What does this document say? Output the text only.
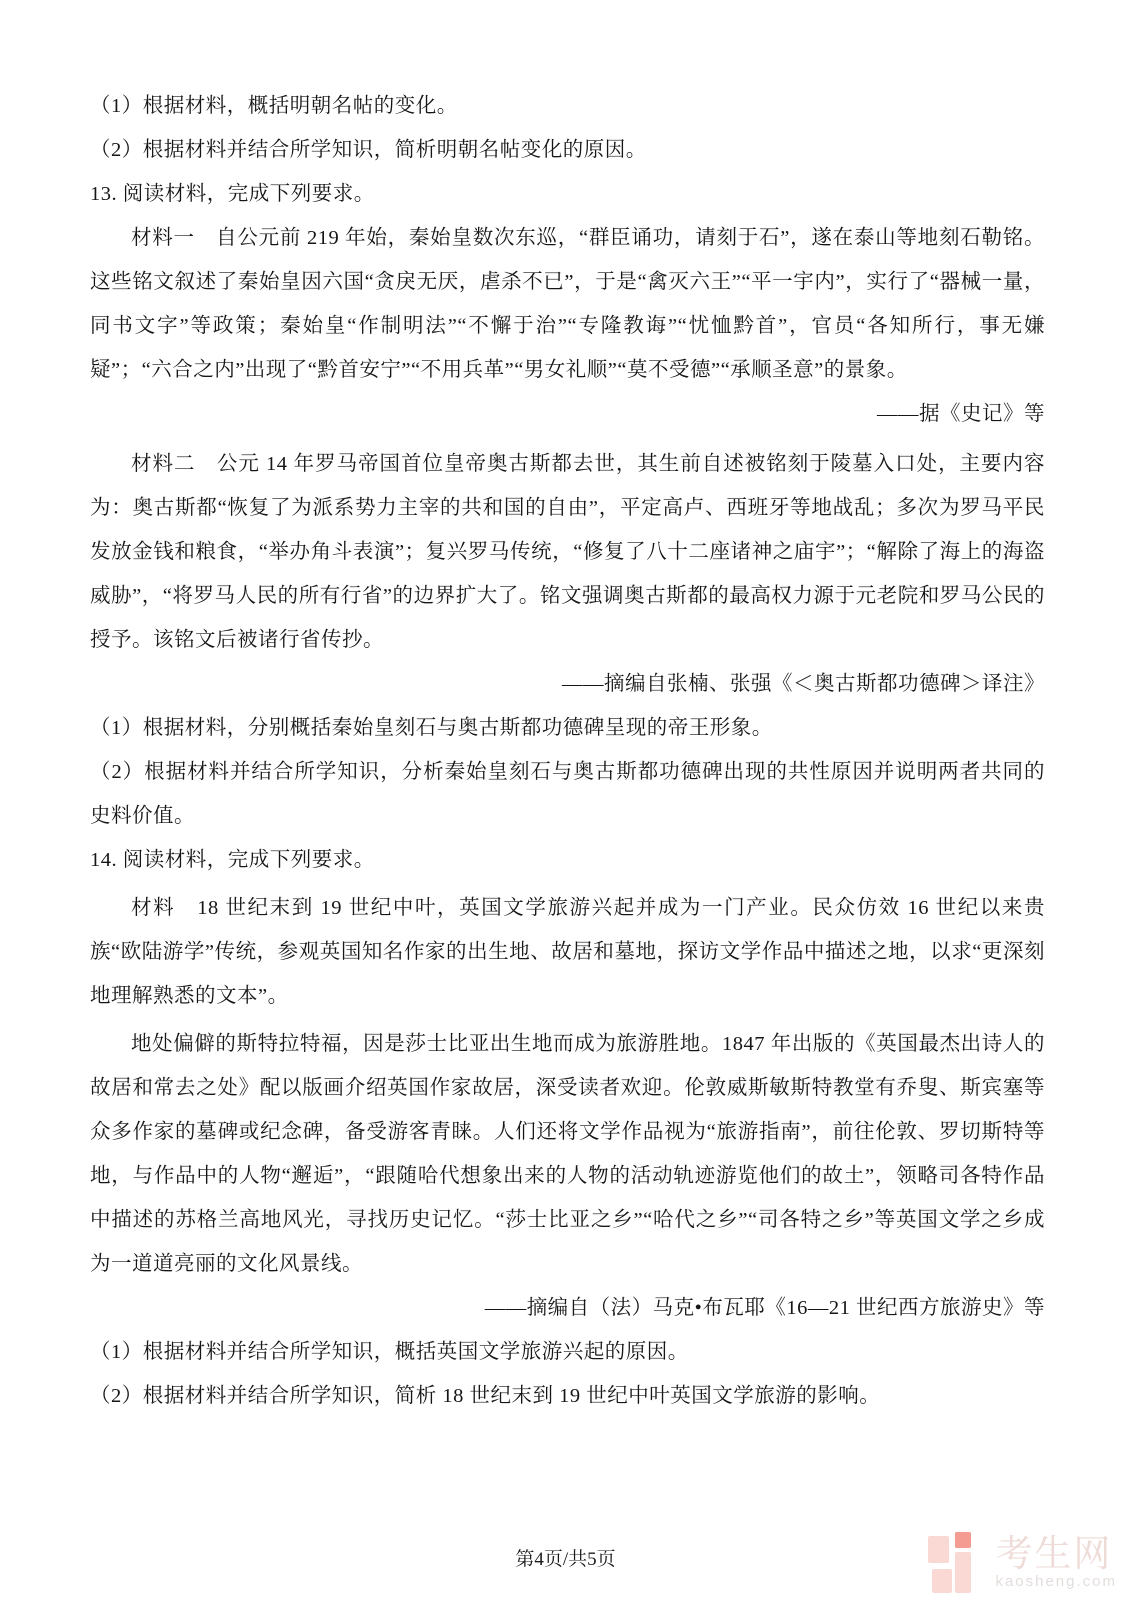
（1）根据材料，概括明朝名帖的变化。

（2）根据材料并结合所学知识，简析明朝名帖变化的原因。

13. 阅读材料，完成下列要求。

材料一　自公元前 219 年始，秦始皇数次东巡，“群臣诵功，请刻于石”，遂在泰山等地刻石勒铭。这些铭文叙述了秦始皇因六国“贪戾无厌，虐杀不已”，于是“禽灭六王”“平一宇内”，实行了“器械一量，同书文字”等政策；秦始皇“作制明法”“不懈于治”“专隆教诲”“忧恤黔首”，官员“各知所行，事无嫌疑”；“六合之内”出现了“黔首安宁”“不用兵革”“男女礼顺”“莫不受德”“承顺圣意”的景象。

——据《史记》等

材料二　公元 14 年罗马帝国首位皇帝奥古斯都去世，其生前自述被铭刻于陵墓入口处，主要内容为：奥古斯都“恢复了为派系势力主宰的共和国的自由”，平定高卢、西班牙等地战乱；多次为罗马平民发放金钱和粮食，“举办角斗表演”；复兴罗马传统，“修复了八十二座诸神之庙宇”；“解除了海上的海盗威胁”，“将罗马人民的所有行省”的边界扩大了。铭文强调奥古斯都的最高权力源于元老院和罗马公民的授予。该铭文后被诸行省传抄。

——摘编自张楠、张强《＜奥古斯都功德碑＞译注》

（1）根据材料，分别概括秦始皇刻石与奥古斯都功德碑呈现的帝王形象。

（2）根据材料并结合所学知识，分析秦始皇刻石与奥古斯都功德碑出现的共性原因并说明两者共同的史料价值。

14. 阅读材料，完成下列要求。

材料　18 世纪末到 19 世纪中叶，英国文学旅游兴起并成为一门产业。民众仿效 16 世纪以来贵族“欧陆游学”传统，参观英国知名作家的出生地、故居和墓地，探访文学作品中描述之地，以求“更深刻地理解熟悉的文本”。

地处偏僻的斯特拉特福，因是莎士比亚出生地而成为旅游胜地。1847 年出版的《英国最杰出诗人的故居和常去之处》配以版画介绍英国作家故居，深受读者欢迎。伦敦威斯敏斯特教堂有乔叟、斯宾塞等众多作家的墓碑或纪念碑，备受游客青睐。人们还将文学作品视为“旅游指南”，前往伦敦、罗切斯特等地，与作品中的人物“邂逅”，“跟随哈代想象出来的人物的活动轨迹游览他们的故土”，领略司各特作品中描述的苏格兰高地风光，寻找历史记忆。“莎士比亚之乡”“哈代之乡”“司各特之乡”等英国文学之乡成为一道道亮丽的文化风景线。

——摘编自（法）马克•布瓦耶《16—21 世纪西方旅游史》等

（1）根据材料并结合所学知识，概括英国文学旅游兴起的原因。

（2）根据材料并结合所学知识，简析 18 世纪末到 19 世纪中叶英国文学旅游的影响。

第4页/共5页	考生网
kaosheng.com
